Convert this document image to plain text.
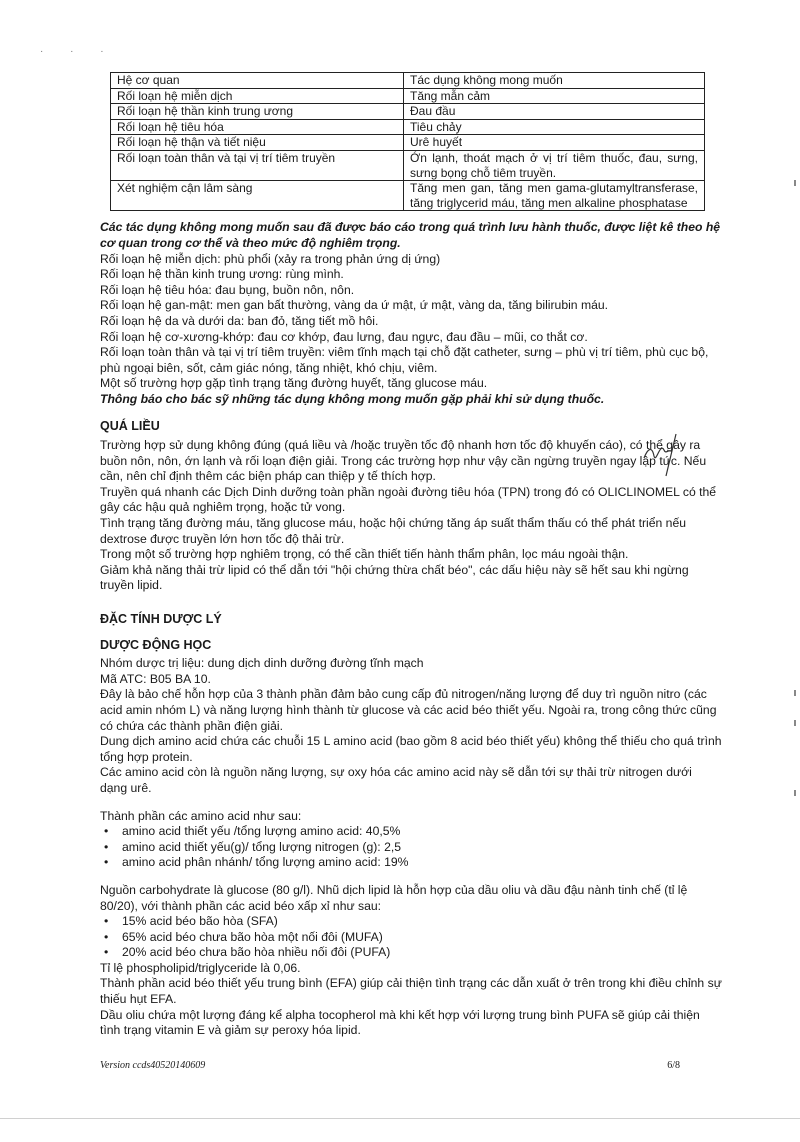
· · ·
Hệ cơ quan	Tác dụng không mong muốn
Rối loạn hệ miễn dịch	Tăng mẫn cảm
Rối loạn hệ thần kinh trung ương	Đau đầu
Rối loạn hệ tiêu hóa	Tiêu chảy
Rối loạn hệ thận và tiết niệu	Urê huyết
Rối loạn toàn thân và tại vị trí tiêm truyền	Ớn lạnh, thoát mạch ở vị trí tiêm thuốc, đau, sưng, sưng bọng chỗ tiêm truyền.
Xét nghiệm cận lâm sàng	Tăng men gan, tăng men gama-glutamyltransferase, tăng triglycerid máu, tăng men alkaline phosphatase

Các tác dụng không mong muốn sau đã được báo cáo trong quá trình lưu hành thuốc, được liệt kê theo hệ cơ quan trong cơ thể và theo mức độ nghiêm trọng.

Rối loạn hệ miễn dịch: phù phổi (xảy ra trong phản ứng dị ứng)

Rối loạn hệ thần kinh trung ương: rùng mình.

Rối loạn hệ tiêu hóa: đau bụng, buồn nôn, nôn.

Rối loạn hệ gan-mật: men gan bất thường, vàng da ứ mật, ứ mật, vàng da, tăng bilirubin máu.

Rối loạn hệ da và dưới da: ban đỏ, tăng tiết mồ hôi.

Rối loạn hệ cơ-xương-khớp: đau cơ khớp, đau lưng, đau ngực, đau đầu – mũi, co thắt cơ.

Rối loạn toàn thân và tại vị trí tiêm truyền: viêm tĩnh mạch tại chỗ đặt catheter, sưng – phù vị trí tiêm, phù cục bộ, phù ngoại biên, sốt, cảm giác nóng, tăng nhiệt, khó chịu, viêm.

Một số trường hợp gặp tình trạng tăng đường huyết, tăng glucose máu.

Thông báo cho bác sỹ những tác dụng không mong muốn gặp phải khi sử dụng thuốc.

QUÁ LIỀU

Trường hợp sử dụng không đúng (quá liều và /hoặc truyền tốc độ nhanh hơn tốc độ khuyến cáo), có thể gây ra buồn nôn, nôn, ớn lạnh và rối loạn điện giải. Trong các trường hợp như vậy cần ngừng truyền ngay lập tức. Nếu cần, nên chỉ định thêm các biện pháp can thiệp y tế thích hợp.

Truyền quá nhanh các Dịch Dinh dưỡng toàn phần ngoài đường tiêu hóa (TPN) trong đó có OLICLINOMEL có thể gây các hậu quả nghiêm trọng, hoặc tử vong.

Tình trạng tăng đường máu, tăng glucose máu, hoặc hội chứng tăng áp suất thẩm thấu có thể phát triển nếu dextrose được truyền lớn hơn tốc độ thải trừ.

Trong một số trường hợp nghiêm trọng, có thể cần thiết tiến hành thẩm phân, lọc máu ngoài thận.

Giảm khả năng thải trừ lipid có thể dẫn tới "hội chứng thừa chất béo", các dấu hiệu này sẽ hết sau khi ngừng truyền lipid.

ĐẶC TÍNH DƯỢC LÝ
DƯỢC ĐỘNG HỌC

Nhóm dược trị liệu: dung dịch dinh dưỡng đường tĩnh mạch

Mã ATC: B05 BA 10.

Đây là bảo chế hỗn hợp của 3 thành phần đảm bảo cung cấp đủ nitrogen/năng lượng để duy trì nguồn nitro (các acid amin nhóm L) và năng lượng hình thành từ glucose và các acid béo thiết yếu. Ngoài ra, trong công thức cũng có chứa các thành phần điện giải.

Dung dịch amino acid chứa các chuỗi 15 L amino acid (bao gồm 8 acid béo thiết yếu) không thể thiếu cho quá trình tổng hợp protein.

Các amino acid còn là nguồn năng lượng, sự oxy hóa các amino acid này sẽ dẫn tới sự thải trừ nitrogen dưới dạng urê.

Thành phần các amino acid như sau:

• amino acid thiết yếu /tổng lượng amino acid: 40,5%
• amino acid thiết yếu(g)/ tổng lượng nitrogen (g): 2,5
• amino acid phân nhánh/ tổng lượng amino acid: 19%

Nguồn carbohydrate là glucose (80 g/l). Nhũ dịch lipid là hỗn hợp của dầu oliu và dầu đậu nành tinh chế (tỉ lệ 80/20), với thành phần các acid béo xấp xỉ như sau:

• 15% acid béo bão hòa (SFA)
• 65% acid béo chưa bão hòa một nối đôi (MUFA)
• 20% acid béo chưa bão hòa nhiều nối đôi (PUFA)

Tỉ lệ phospholipid/triglyceride là 0,06.

Thành phần acid béo thiết yếu trung bình (EFA) giúp cải thiện tình trạng các dẫn xuất ở trên trong khi điều chỉnh sự thiếu hụt EFA.

Dầu oliu chứa một lượng đáng kể alpha tocopherol mà khi kết hợp với lượng trung bình PUFA sẽ giúp cải thiện tình trạng vitamin E và giảm sự peroxy hóa lipid.

Version ccds40520140609	6/8
